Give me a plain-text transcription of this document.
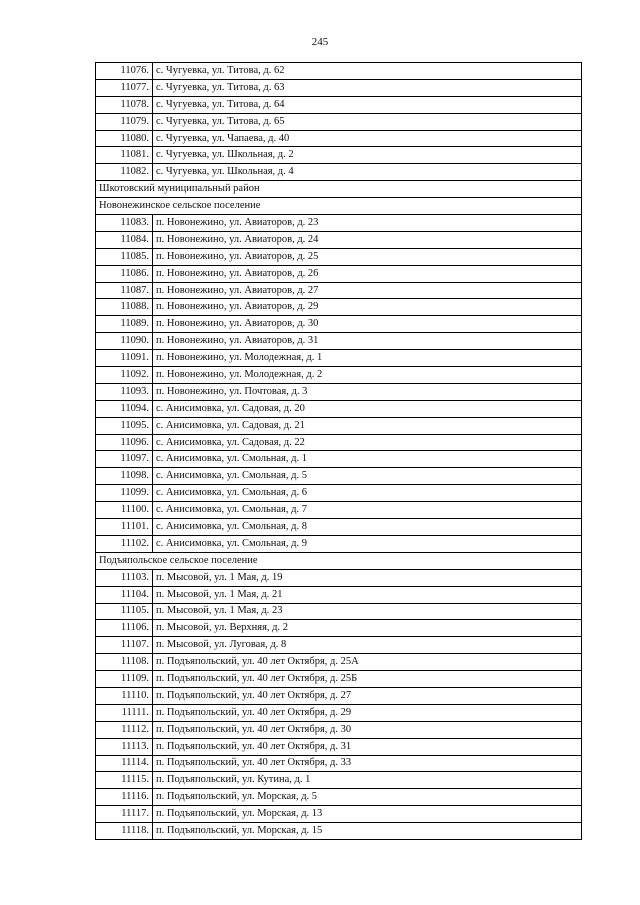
245
11076.	с. Чугуевка, ул. Титова, д. 62
11077.	с. Чугуевка, ул. Титова, д. 63
11078.	с. Чугуевка, ул. Титова, д. 64
11079.	с. Чугуевка, ул. Титова, д. 65
11080.	с. Чугуевка, ул. Чапаева, д. 40
11081.	с. Чугуевка, ул. Школьная, д. 2
11082.	с. Чугуевка, ул. Школьная, д. 4
Шкотовский муниципальный район	
Новонежинское сельское поселение	
11083.	п. Новонежино, ул. Авиаторов, д. 23
11084.	п. Новонежино, ул. Авиаторов, д. 24
11085.	п. Новонежино, ул. Авиаторов, д. 25
11086.	п. Новонежино, ул. Авиаторов, д. 26
11087.	п. Новонежино, ул. Авиаторов, д. 27
11088.	п. Новонежино, ул. Авиаторов, д. 29
11089.	п. Новонежино, ул. Авиаторов, д. 30
11090.	п. Новонежино, ул. Авиаторов, д. 31
11091.	п. Новонежино, ул. Молодежная, д. 1
11092.	п. Новонежино, ул. Молодежная, д. 2
11093.	п. Новонежино, ул. Почтовая, д. 3
11094.	с. Анисимовка, ул. Садовая, д. 20
11095.	с. Анисимовка, ул. Садовая, д. 21
11096.	с. Анисимовка, ул. Садовая, д. 22
11097.	с. Анисимовка, ул. Смольная, д. 1
11098.	с. Анисимовка, ул. Смольная, д. 5
11099.	с. Анисимовка, ул. Смольная, д. 6
11100.	с. Анисимовка, ул. Смольная, д. 7
11101.	с. Анисимовка, ул. Смольная, д. 8
11102.	с. Анисимовка, ул. Смольная, д. 9
Подъяпольское сельское поселение	
11103.	п. Мысовой, ул. 1 Мая, д. 19
11104.	п. Мысовой, ул. 1 Мая, д. 21
11105.	п. Мысовой, ул. 1 Мая, д. 23
11106.	п. Мысовой, ул. Верхняя, д. 2
11107.	п. Мысовой, ул. Луговая, д. 8
11108.	п. Подъяпольский, ул. 40 лет Октября, д. 25А
11109.	п. Подъяпольский, ул. 40 лет Октября, д. 25Б
11110.	п. Подъяпольский, ул. 40 лет Октября, д. 27
11111.	п. Подъяпольский, ул. 40 лет Октября, д. 29
11112.	п. Подъяпольский, ул. 40 лет Октября, д. 30
11113.	п. Подъяпольский, ул. 40 лет Октября, д. 31
11114.	п. Подъяпольский, ул. 40 лет Октября, д. 33
11115.	п. Подъяпольский, ул. Кутина, д. 1
11116.	п. Подъяпольский, ул. Морская, д. 5
11117.	п. Подъяпольский, ул. Морская, д. 13
11118.	п. Подъяпольский, ул. Морская, д. 15
